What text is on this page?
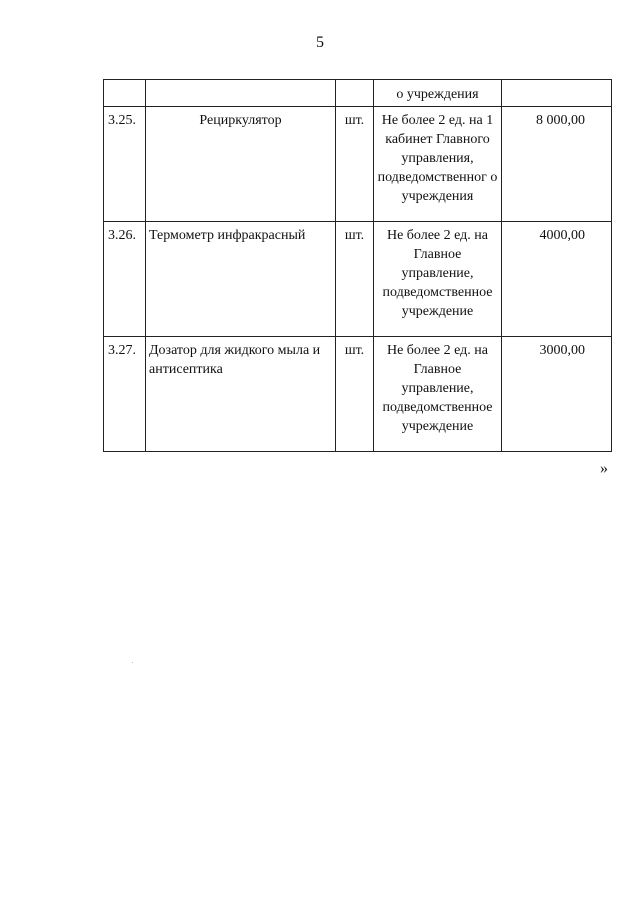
5
			о учреждения	
3.25.	Рециркулятор	шт.	Не более 2 ед. на 1 кабинет Главного управления, подведомственног о учреждения	8 000,00
3.26.	Термометр инфракрасный	шт.	Не более 2 ед. на Главное управление, подведомственное учреждение	4000,00
3.27.	Дозатор для жидкого мыла и антисептика	шт.	Не более 2 ед. на Главное управление, подведомственное учреждение	3000,00
»
